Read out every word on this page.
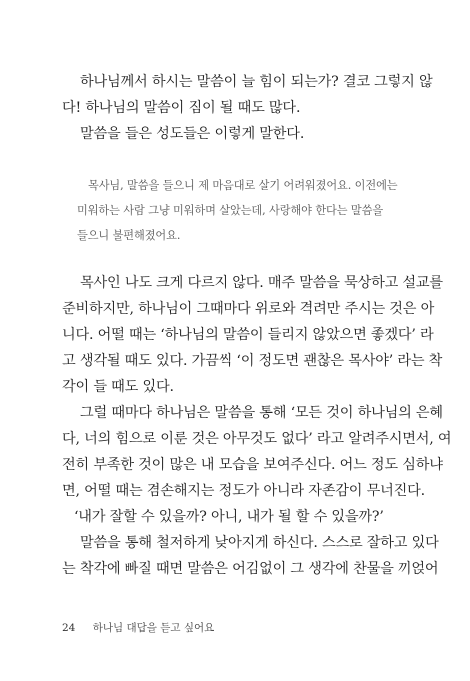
하나님께서 하시는 말씀이 늘 힘이 되는가? 결코 그렇지 않
다! 하나님의 말씀이 짐이 될 때도 많다.
말씀을 들은 성도들은 이렇게 말한다.
목사님, 말씀을 들으니 제 마음대로 살기 어려워졌어요. 이전에는
미워하는 사람 그냥 미워하며 살았는데, 사랑해야 한다는 말씀을
들으니 불편해졌어요.
목사인 나도 크게 다르지 않다. 매주 말씀을 묵상하고 설교를
준비하지만, 하나님이 그때마다 위로와 격려만 주시는 것은 아
니다. 어떨 때는 ‘하나님의 말씀이 들리지 않았으면 좋겠다’ 라
고 생각될 때도 있다. 가끔씩 ‘이 정도면 괜찮은 목사야’ 라는 착
각이 들 때도 있다.
그럴 때마다 하나님은 말씀을 통해 ‘모든 것이 하나님의 은혜
다, 너의 힘으로 이룬 것은 아무것도 없다’ 라고 알려주시면서, 여
전히 부족한 것이 많은 내 모습을 보여주신다. 어느 정도 심하냐
면, 어떨 때는 겸손해지는 정도가 아니라 자존감이 무너진다.
‘내가 잘할 수 있을까? 아니, 내가 될 할 수 있을까?’
말씀을 통해 철저하게 낮아지게 하신다. 스스로 잘하고 있다
는 착각에 빠질 때면 말씀은 어김없이 그 생각에 찬물을 끼얹어
24 하나님 대답을 듣고 싶어요
